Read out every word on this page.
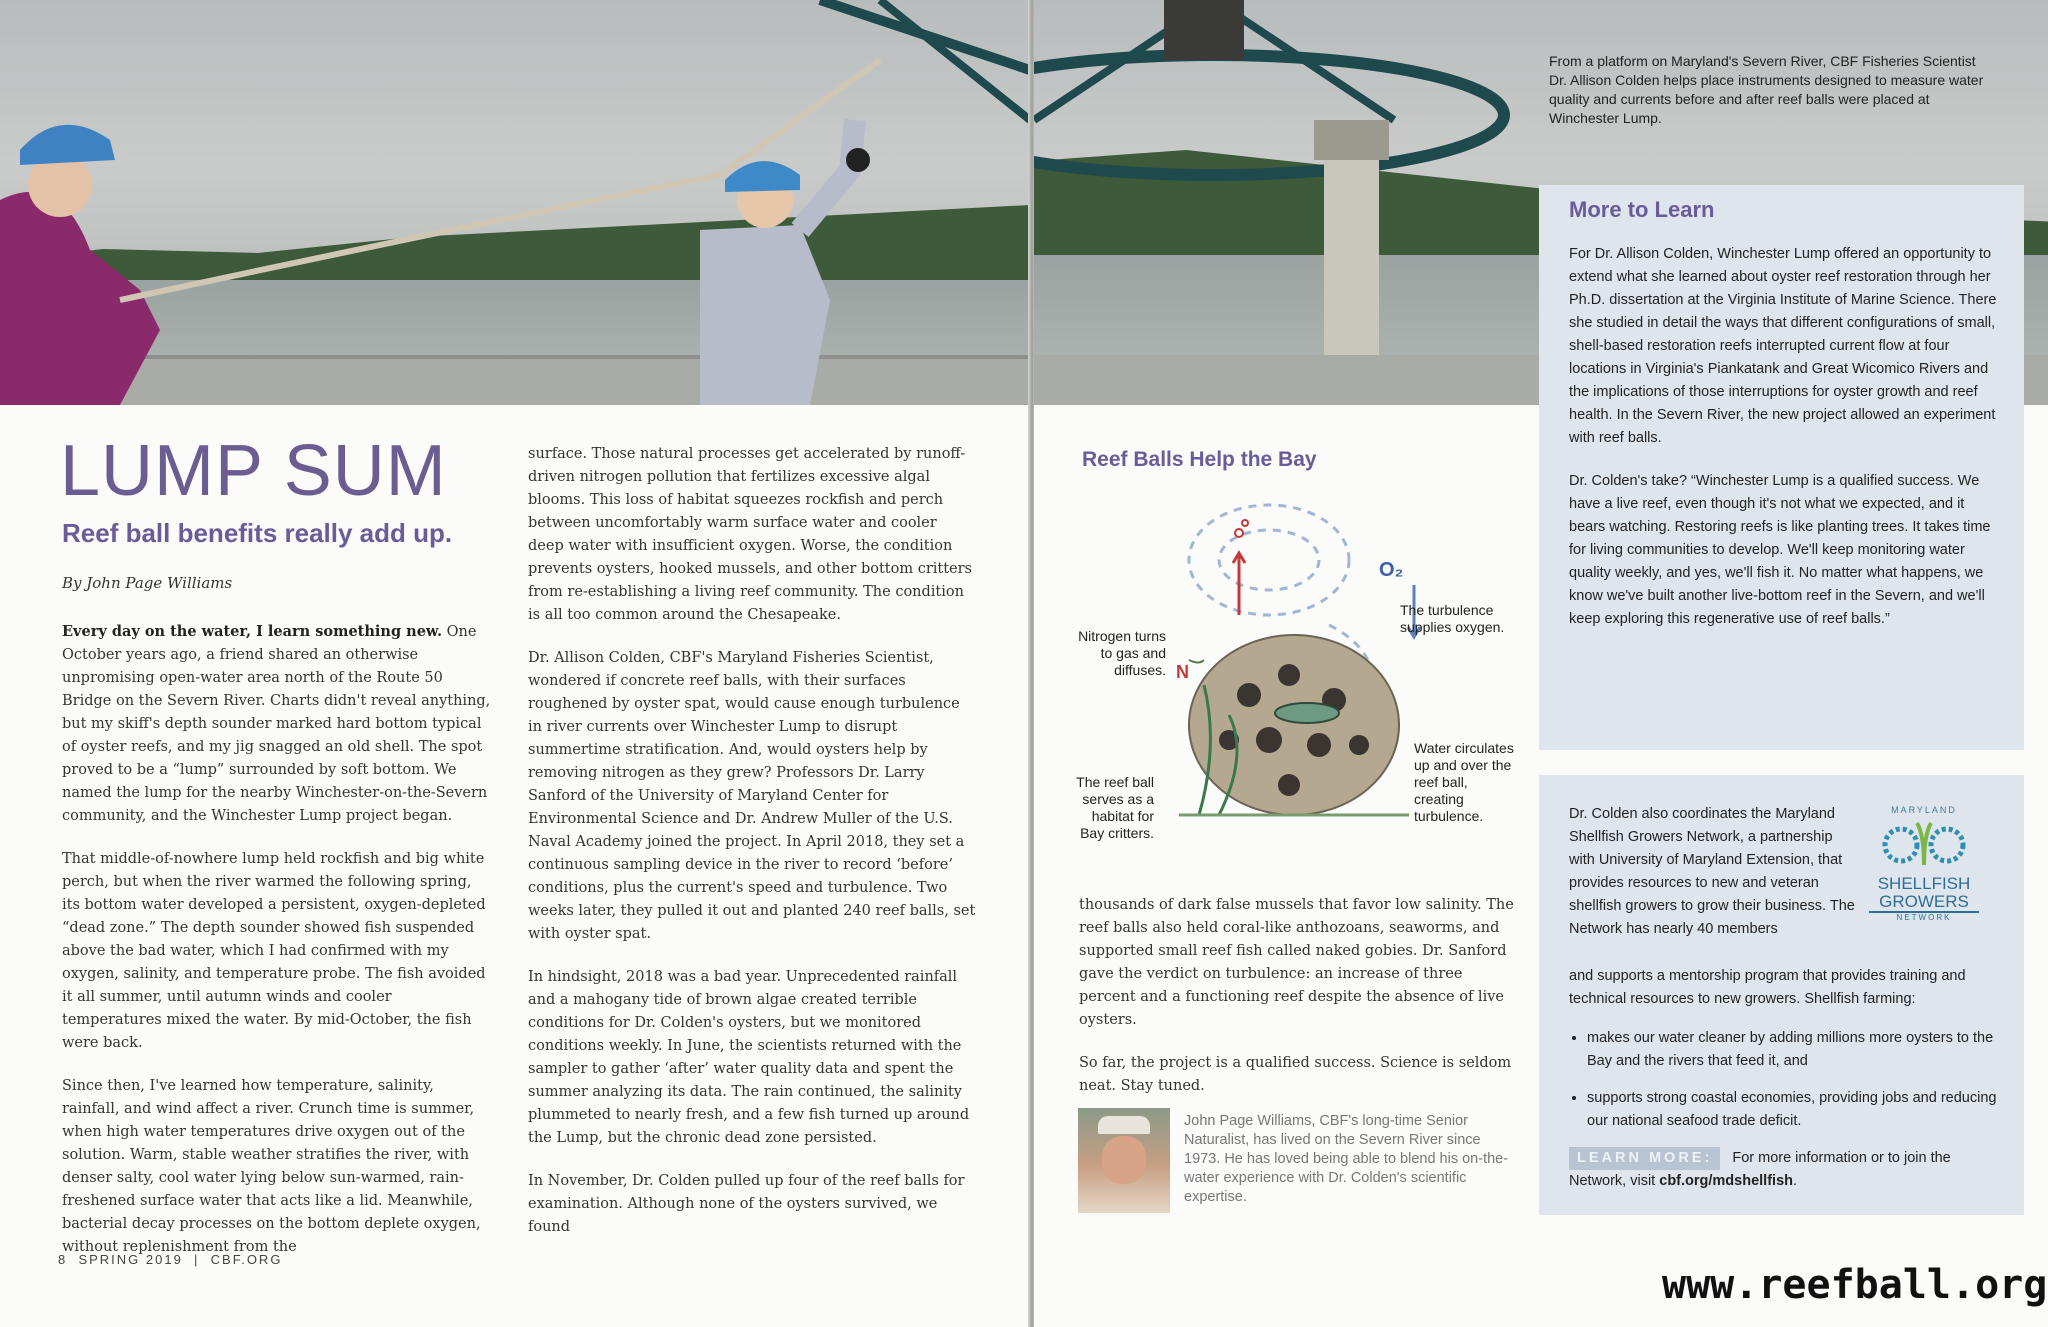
LUMP SUM
Reef ball benefits really add up.
By John Page Williams

Every day on the water, I learn something new. One October years ago, a friend shared an otherwise unpromising open-water area north of the Route 50 Bridge on the Severn River. Charts didn't reveal anything, but my skiff's depth sounder marked hard bottom typical of oyster reefs, and my jig snagged an old shell. The spot proved to be a “lump” surrounded by soft bottom. We named the lump for the nearby Winchester-on-the-Severn community, and the Winchester Lump project began.

That middle-of-nowhere lump held rockfish and big white perch, but when the river warmed the following spring, its bottom water developed a persistent, oxygen-depleted “dead zone.” The depth sounder showed fish suspended above the bad water, which I had confirmed with my oxygen, salinity, and temperature probe. The fish avoided it all summer, until autumn winds and cooler temperatures mixed the water. By mid-October, the fish were back.

Since then, I've learned how temperature, salinity, rainfall, and wind affect a river. Crunch time is summer, when high water temperatures drive oxygen out of the solution. Warm, stable weather stratifies the river, with denser salty, cool water lying below sun-warmed, rain-freshened surface water that acts like a lid. Meanwhile, bacterial decay processes on the bottom deplete oxygen, without replenishment from the

surface. Those natural processes get accelerated by runoff-driven nitrogen pollution that fertilizes excessive algal blooms. This loss of habitat squeezes rockfish and perch between uncomfortably warm surface water and cooler deep water with insufficient oxygen. Worse, the condition prevents oysters, hooked mussels, and other bottom critters from re-establishing a living reef community. The condition is all too common around the Chesapeake.

Dr. Allison Colden, CBF's Maryland Fisheries Scientist, wondered if concrete reef balls, with their surfaces roughened by oyster spat, would cause enough turbulence in river currents over Winchester Lump to disrupt summertime stratification. And, would oysters help by removing nitrogen as they grew? Professors Dr. Larry Sanford of the University of Maryland Center for Environmental Science and Dr. Andrew Muller of the U.S. Naval Academy joined the project. In April 2018, they set a continuous sampling device in the river to record ‘before’ conditions, plus the current's speed and turbulence. Two weeks later, they pulled it out and planted 240 reef balls, set with oyster spat.

In hindsight, 2018 was a bad year. Unprecedented rainfall and a mahogany tide of brown algae created terrible conditions for Dr. Colden's oysters, but we monitored conditions weekly. In June, the scientists returned with the sampler to gather ‘after’ water quality data and spent the summer analyzing its data. The rain continued, the salinity plummeted to nearly fresh, and a few fish turned up around the Lump, but the chronic dead zone persisted.

In November, Dr. Colden pulled up four of the reef balls for examination. Although none of the oysters survived, we found

8  SPRING 2019  |  CBF.ORG
From a platform on Maryland's Severn River, CBF Fisheries Scientist Dr. Allison Colden helps place instruments designed to measure water quality and currents before and after reef balls were placed at Winchester Lump.
Reef Balls Help the Bay
O₂
N
The turbulence supplies oxygen.
Nitrogen turns to gas and diffuses.
Water circulates up and over the reef ball, creating turbulence.
The reef ball serves as a habitat for Bay critters.

thousands of dark false mussels that favor low salinity. The reef balls also held coral-like anthozoans, seaworms, and supported small reef fish called naked gobies. Dr. Sanford gave the verdict on turbulence: an increase of three percent and a functioning reef despite the absence of live oysters.

So far, the project is a qualified success. Science is seldom neat. Stay tuned.

John Page Williams, CBF's long-time Senior Naturalist, has lived on the Severn River since 1973. He has loved being able to blend his on-the-water experience with Dr. Colden's scientific expertise.
More to Learn

For Dr. Allison Colden, Winchester Lump offered an opportunity to extend what she learned about oyster reef restoration through her Ph.D. dissertation at the Virginia Institute of Marine Science. There she studied in detail the ways that different configurations of small, shell-based restoration reefs interrupted current flow at four locations in Virginia's Piankatank and Great Wicomico Rivers and the implications of those interruptions for oyster growth and reef health. In the Severn River, the new project allowed an experiment with reef balls.

Dr. Colden's take? “Winchester Lump is a qualified success. We have a live reef, even though it's not what we expected, and it bears watching. Restoring reefs is like planting trees. It takes time for living communities to develop. We'll keep monitoring water quality weekly, and yes, we'll fish it. No matter what happens, we know we've built another live-bottom reef in the Severn, and we'll keep exploring this regenerative use of reef balls.”

Dr. Colden also coordinates the Maryland Shellfish Growers Network, a partnership with University of Maryland Extension, that provides resources to new and veteran shellfish growers to grow their business. The Network has nearly 40 members

MARYLAND
SHELLFISH
GROWERS
NETWORK

and supports a mentorship program that provides training and technical resources to new growers. Shellfish farming:

• makes our water cleaner by adding millions more oysters to the Bay and the rivers that feed it, and
• supports strong coastal economies, providing jobs and reducing our national seafood trade deficit.
LEARN MORE: For more information or to join the Network, visit cbf.org/mdshellfish.
www.reefball.org
